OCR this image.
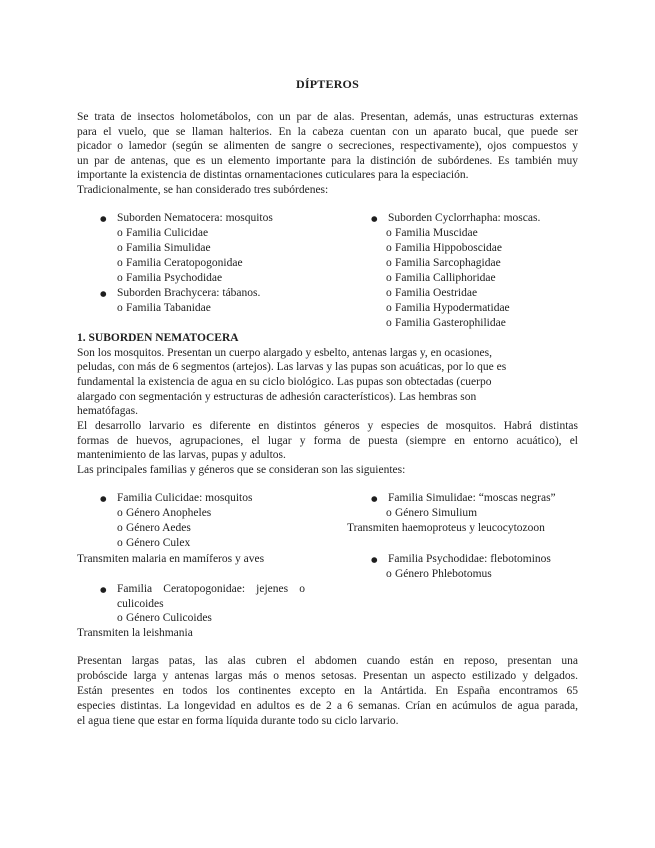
DÍPTEROS
Se trata de insectos holometábolos, con un par de alas. Presentan, además, unas estructuras externas
para el vuelo, que se llaman halterios. En la cabeza cuentan con un aparato bucal, que puede ser
picador o lamedor (según se alimenten de sangre o secreciones, respectivamente), ojos compuestos y
un par de antenas, que es un elemento importante para la distinción de subórdenes. Es también muy
importante la existencia de distintas ornamentaciones cuticulares para la especiación.
Tradicionalmente, se han considerado tres subórdenes:
● Suborden Nematocera: mosquitos
o Familia Culicidae
o Familia Simulidae
o Familia Ceratopogonidae
o Familia Psychodidae
● Suborden Brachycera: tábanos.
o Familia Tabanidae
● Suborden Cyclorrhapha: moscas.
o Familia Muscidae
o Familia Hippoboscidae
o Familia Sarcophagidae
o Familia Calliphoridae
o Familia Oestridae
o Familia Hypodermatidae
o Familia Gasterophilidae
1. SUBORDEN NEMATOCERA
Son los mosquitos. Presentan un cuerpo alargado y esbelto, antenas largas y, en ocasiones,
peludas, con más de 6 segmentos (artejos). Las larvas y las pupas son acuáticas, por lo que es
fundamental la existencia de agua en su ciclo biológico. Las pupas son obtectadas (cuerpo
alargado con segmentación y estructuras de adhesión característicos). Las hembras son
hematófagas.
El desarrollo larvario es diferente en distintos géneros y especies de mosquitos. Habrá distintas
formas de huevos, agrupaciones, el lugar y forma de puesta (siempre en entorno acuático), el
mantenimiento de las larvas, pupas y adultos.
Las principales familias y géneros que se consideran son las siguientes:
● Familia Culicidae: mosquitos
o Género Anopheles
o Género Aedes
o Género Culex
Transmiten malaria en mamíferos y aves
● Familia Ceratopogonidae: jejenes o culicoides
o Género Culicoides
Transmiten la leishmania
● Familia Simulidae: “moscas negras”
o Género Simulium
Transmiten haemoproteus y leucocytozoon
● Familia Psychodidae: flebotominos
o Género Phlebotomus
Presentan largas patas, las alas cubren el abdomen cuando están en reposo, presentan una
probóscide larga y antenas largas más o menos setosas. Presentan un aspecto estilizado y delgados.
Están presentes en todos los continentes excepto en la Antártida. En España encontramos 65
especies distintas. La longevidad en adultos es de 2 a 6 semanas. Crían en acúmulos de agua parada,
el agua tiene que estar en forma líquida durante todo su ciclo larvario.
